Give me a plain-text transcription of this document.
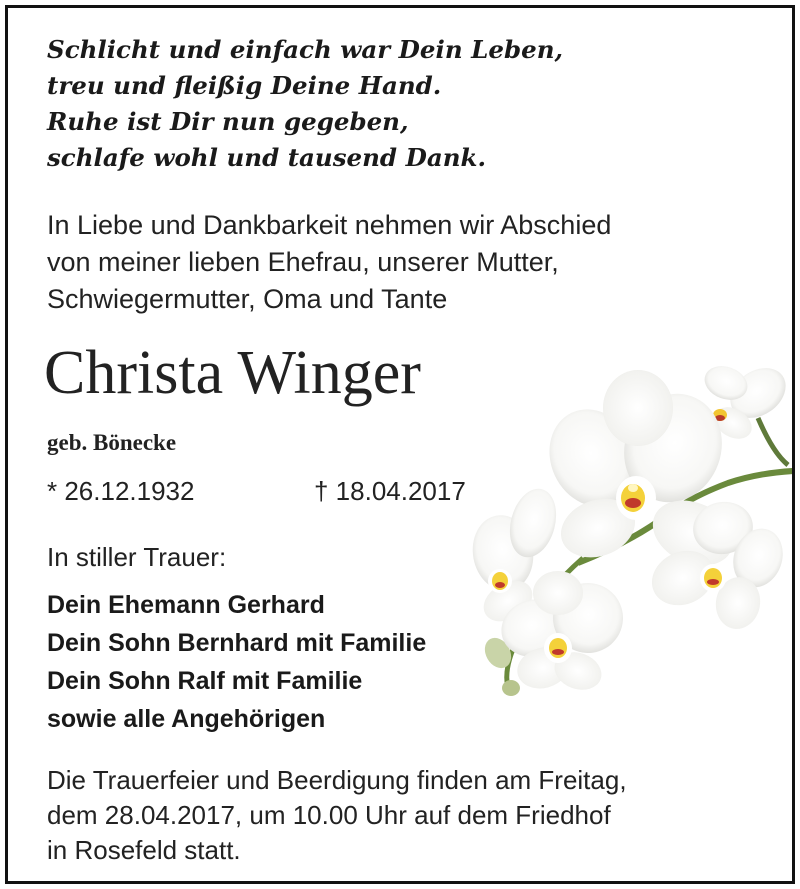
Schlicht und einfach war Dein Leben,
treu und fleißig Deine Hand.
Ruhe ist Dir nun gegeben,
schlafe wohl und tausend Dank.
In Liebe und Dankbarkeit nehmen wir Abschied
von meiner lieben Ehefrau, unserer Mutter,
Schwiegermutter, Oma und Tante
Christa Winger
geb. Bönecke
* 26.12.1932	† 18.04.2017
In stiller Trauer:
Dein Ehemann Gerhard
Dein Sohn Bernhard mit Familie
Dein Sohn Ralf mit Familie
sowie alle Angehörigen
Die Trauerfeier und Beerdigung finden am Freitag,
dem 28.04.2017, um 10.00 Uhr auf dem Friedhof
in Rosefeld statt.
